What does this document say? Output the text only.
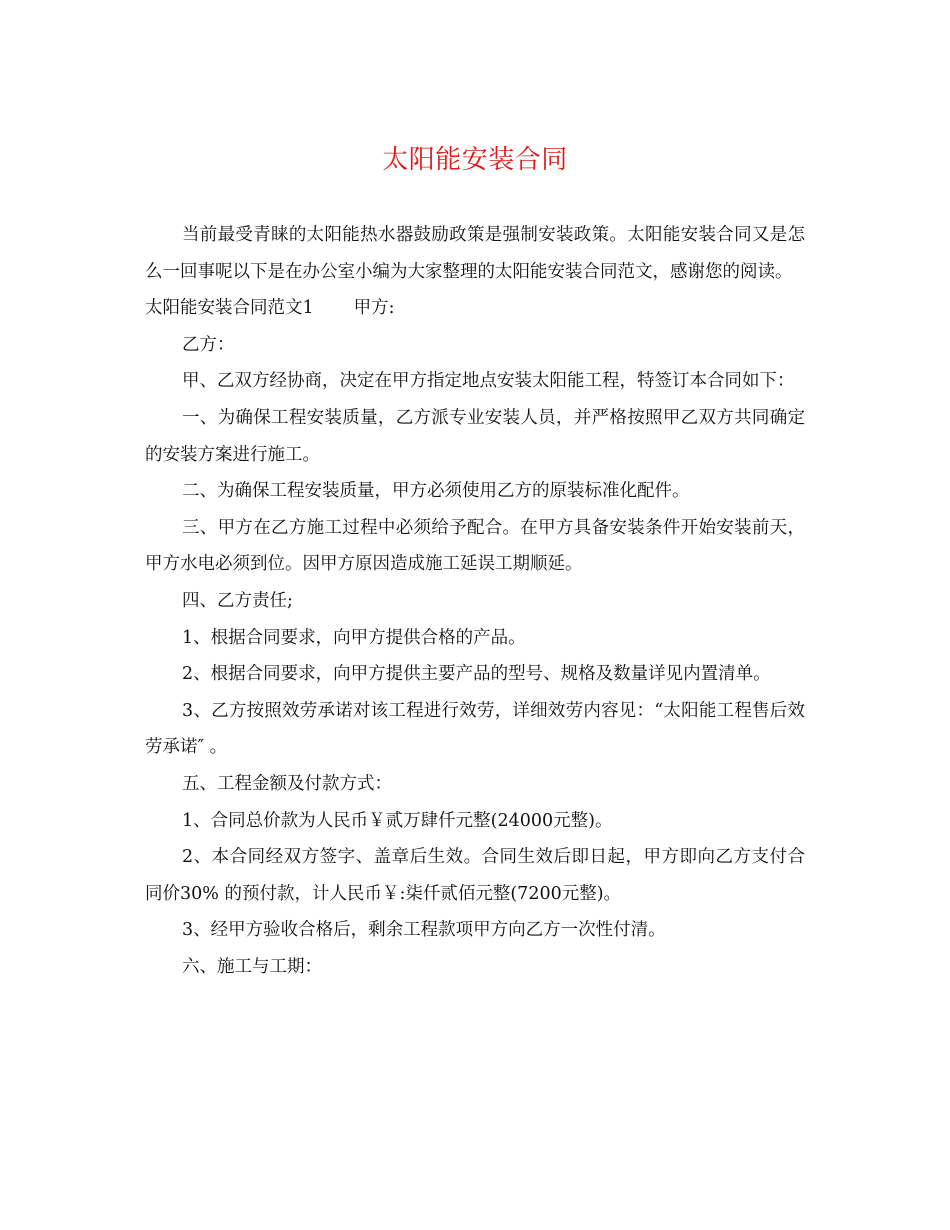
太阳能安装合同

当前最受青睐的太阳能热水器鼓励政策是强制安装政策。太阳能安装合同又是怎么一回事呢以下是在办公室小编为大家整理的太阳能安装合同范文，感谢您的阅读。

太阳能安装合同范文1 甲方:

乙方：

甲、乙双方经协商，决定在甲方指定地点安装太阳能工程，特签订本合同如下：

一、为确保工程安装质量，乙方派专业安装人员，并严格按照甲乙双方共同确定的安装方案进行施工。

二、为确保工程安装质量，甲方必须使用乙方的原装标准化配件。

三、甲方在乙方施工过程中必须给予配合。在甲方具备安装条件开始安装前天，甲方水电必须到位。因甲方原因造成施工延误工期顺延。

四、乙方责任;

1、根据合同要求，向甲方提供合格的产品。

2、根据合同要求，向甲方提供主要产品的型号、规格及数量详见内置清单。

3、乙方按照效劳承诺对该工程进行效劳，详细效劳内容见：“太阳能工程售后效劳承诺″ 。

五、工程金额及付款方式：

1、合同总价款为人民币￥贰万肆仟元整(24000元整)。

2、本合同经双方签字、盖章后生效。合同生效后即日起，甲方即向乙方支付合同价30% 的预付款，计人民币￥:柒仟贰佰元整(7200元整)。

3、经甲方验收合格后，剩余工程款项甲方向乙方一次性付清。

六、施工与工期：
